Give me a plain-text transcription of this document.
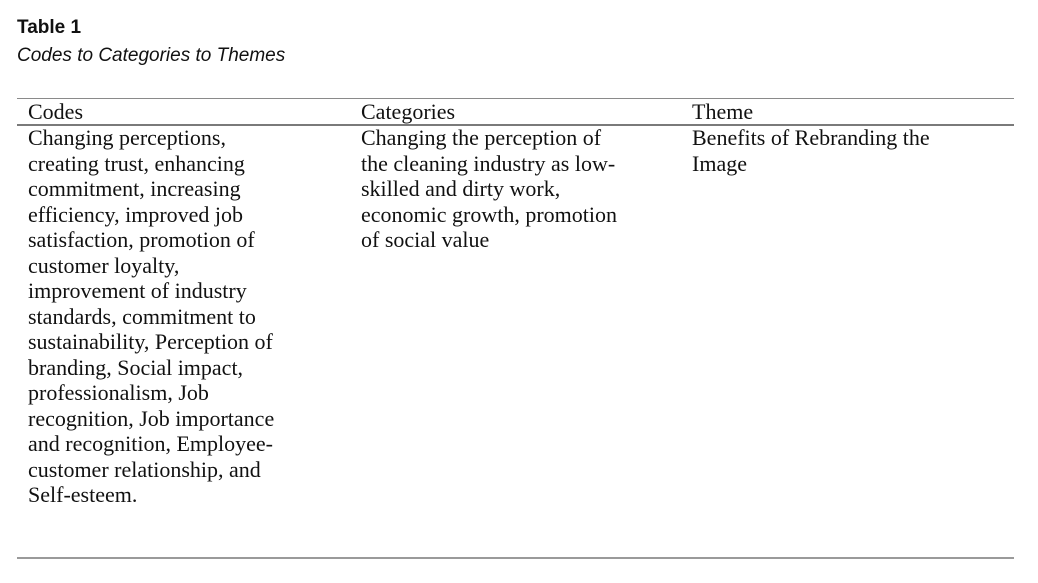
Table 1

Codes to Categories to Themes

Codes	Categories	Theme
Changing perceptions,
creating trust, enhancing
commitment, increasing
efficiency, improved job
satisfaction, promotion of
customer loyalty,
improvement of industry
standards, commitment to
sustainability, Perception of
branding, Social impact,
professionalism, Job
recognition, Job importance
and recognition, Employee-
customer relationship, and
Self-esteem.
Changing the perception of
the cleaning industry as low-
skilled and dirty work,
economic growth, promotion
of social value
Benefits of Rebranding the
Image
